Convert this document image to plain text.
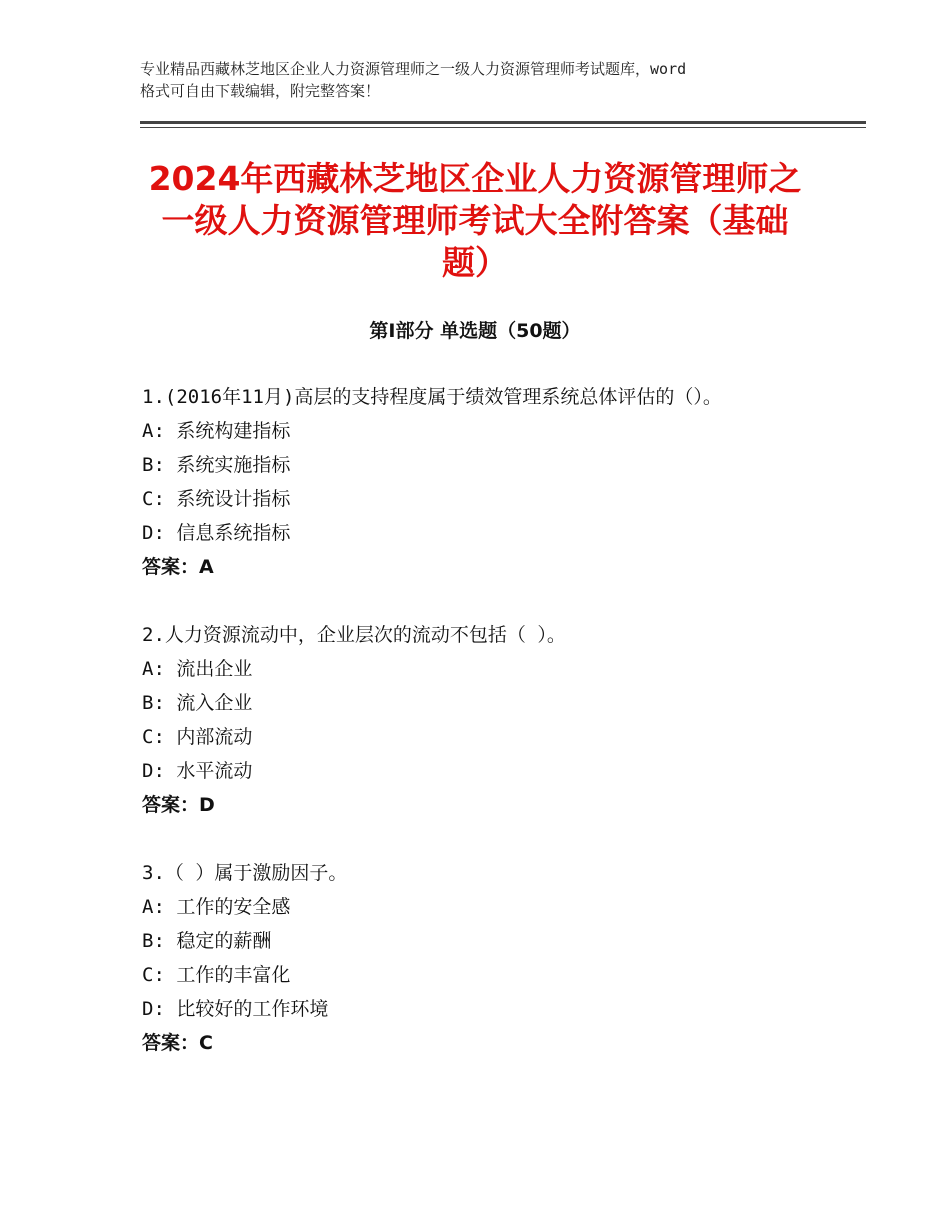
专业精品西藏林芝地区企业人力资源管理师之一级人力资源管理师考试题库，word
格式可自由下载编辑，附完整答案！
2024年西藏林芝地区企业人力资源管理师之
一级人力资源管理师考试大全附答案（基础
题）
第Ⅰ部分 单选题（50题）
1.(2016年11月)高层的支持程度属于绩效管理系统总体评估的（）。
A: 系统构建指标
B: 系统实施指标
C: 系统设计指标
D: 信息系统指标
答案：A
2.人力资源流动中，企业层次的流动不包括（ ）。
A: 流出企业
B: 流入企业
C: 内部流动
D: 水平流动
答案：D
3.（ ）属于激励因子。
A: 工作的安全感
B: 稳定的薪酬
C: 工作的丰富化
D: 比较好的工作环境
答案：C
